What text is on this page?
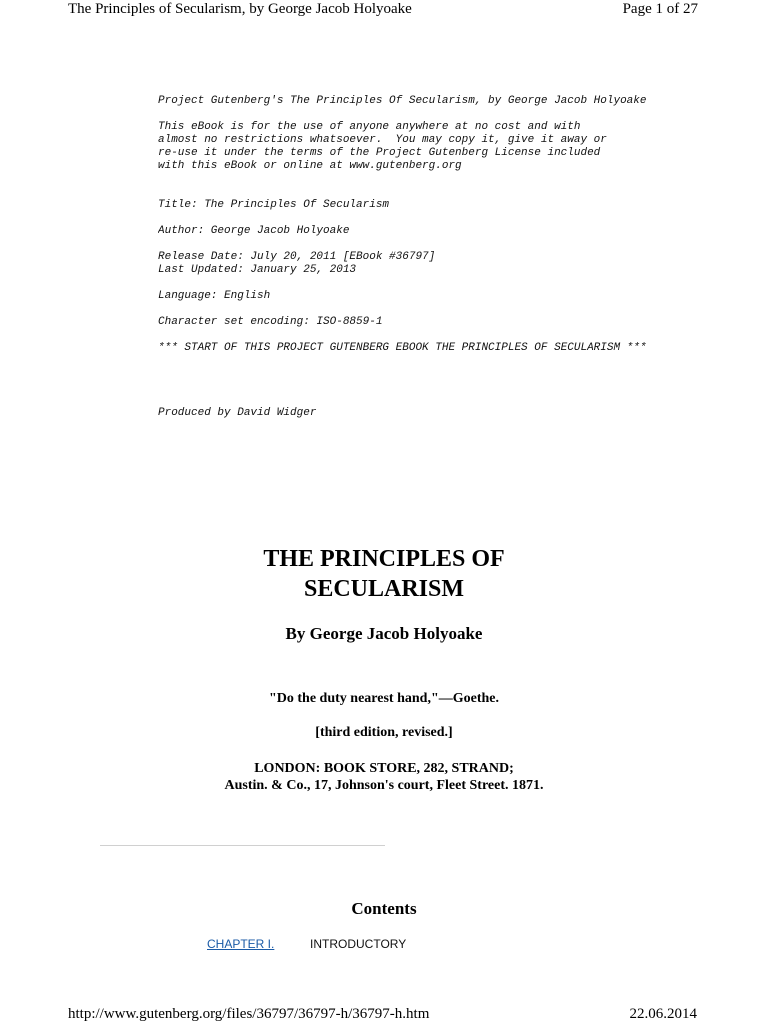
The Principles of Secularism, by George Jacob Holyoake	Page 1 of 27
Project Gutenberg's The Principles Of Secularism, by George Jacob Holyoake
This eBook is for the use of anyone anywhere at no cost and with
almost no restrictions whatsoever.  You may copy it, give it away or
re-use it under the terms of the Project Gutenberg License included
with this eBook or online at www.gutenberg.org
Title: The Principles Of Secularism
Author: George Jacob Holyoake
Release Date: July 20, 2011 [EBook #36797]
Last Updated: January 25, 2013
Language: English
Character set encoding: ISO-8859-1
*** START OF THIS PROJECT GUTENBERG EBOOK THE PRINCIPLES OF SECULARISM ***
Produced by David Widger
THE PRINCIPLES OF
SECULARISM
By George Jacob Holyoake
"Do the duty nearest hand,"—Goethe.
[third edition, revised.]
LONDON: BOOK STORE, 282, STRAND;
Austin. & Co., 17, Johnson's court, Fleet Street. 1871.
Contents
CHAPTER I.	INTRODUCTORY
http://www.gutenberg.org/files/36797/36797-h/36797-h.htm	22.06.2014
